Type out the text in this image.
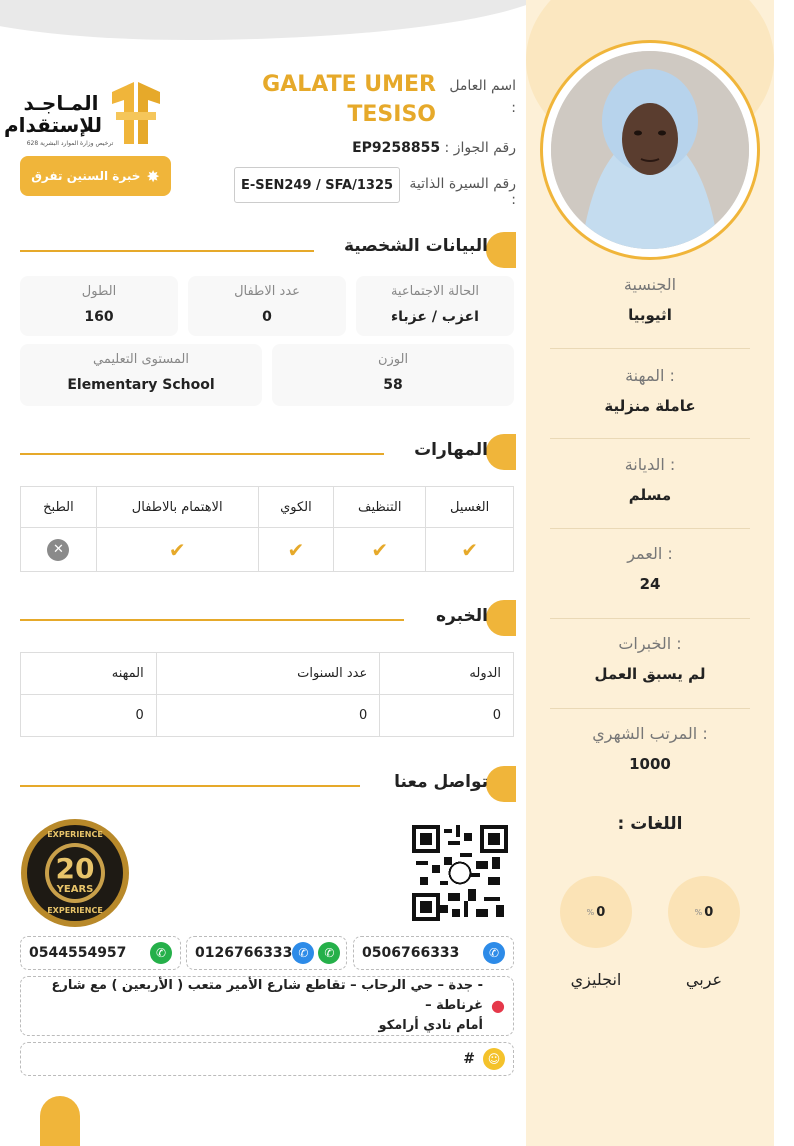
الجنسية
اثيوبيا
المهنة :
عاملة منزلية
الديانة :
مسلم
العمر :
24
الخبرات :
لم يسبق العمل
المرتب الشهري :
1000
اللغات :
% 0
عربي
% 0
انجليزي
اسم العامل
:
GALATE UMER
TESISO
رقم الجواز : EP9258855
رقم السيرة الذاتية :
E-SEN249 / SFA/1325
المـاجـد
للإستقدام
ترخيص وزارة الموارد البشرية 628
خبرة السنين تفرق ✸
البيانات الشخصية
الحالة الاجتماعية
اعزب / عزباء
عدد الاطفال
0
الطول
160
الوزن
58
المستوى التعليمي
Elementary School
المهارات
الغسيل	التنظيف	الكوي	الاهتمام بالاطفال	الطبخ
✔	✔	✔	✔	✕
الخبره
الدوله	عدد السنوات	المهنه
0	0	0
تواصل معنا
EXPERIENCE
20
YEARS
EXPERIENCE
0506766333	✆
0126766333 ✆	✆
0544554957	✆
●
- جدة – حي الرحاب – تقاطع شارع الأمير متعب ( الأربعين ) مع شارع غرناطة –
أمام نادي أرامكو
☺
#
